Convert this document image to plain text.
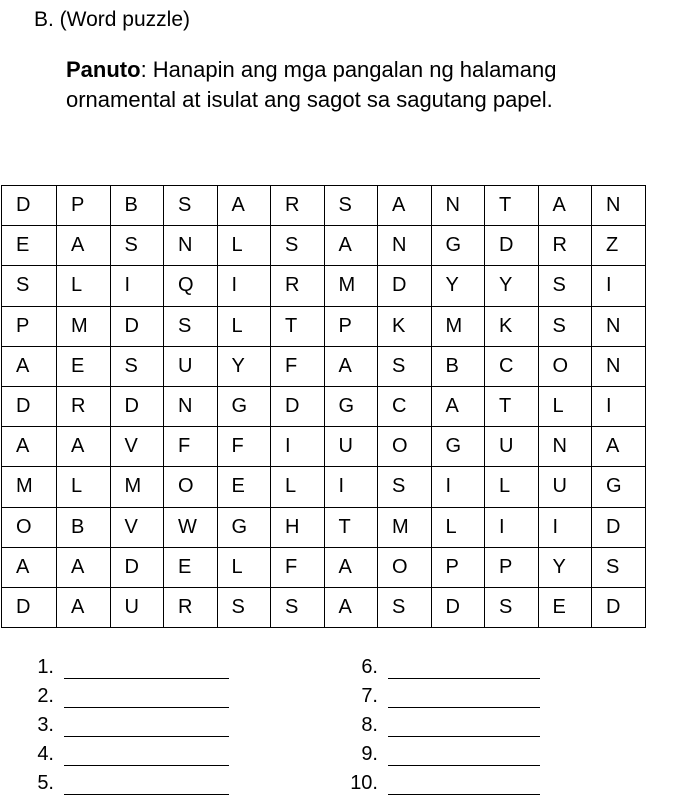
B. (Word puzzle)
Panuto: Hanapin ang mga pangalan ng halamang ornamental at isulat ang sagot sa sagutang papel.
D	P	B	S	A	R	S	A	N	T	A	N
E	A	S	N	L	S	A	N	G	D	R	Z
S	L	I	Q	I	R	M	D	Y	Y	S	I
P	M	D	S	L	T	P	K	M	K	S	N
A	E	S	U	Y	F	A	S	B	C	O	N
D	R	D	N	G	D	G	C	A	T	L	I
A	A	V	F	F	I	U	O	G	U	N	A
M	L	M	O	E	L	I	S	I	L	U	G
O	B	V	W	G	H	T	M	L	I	I	D
A	A	D	E	L	F	A	O	P	P	Y	S
D	A	U	R	S	S	A	S	D	S	E	D
1.
2.
3.
4.
5.
6.
7.
8.
9.
10.
